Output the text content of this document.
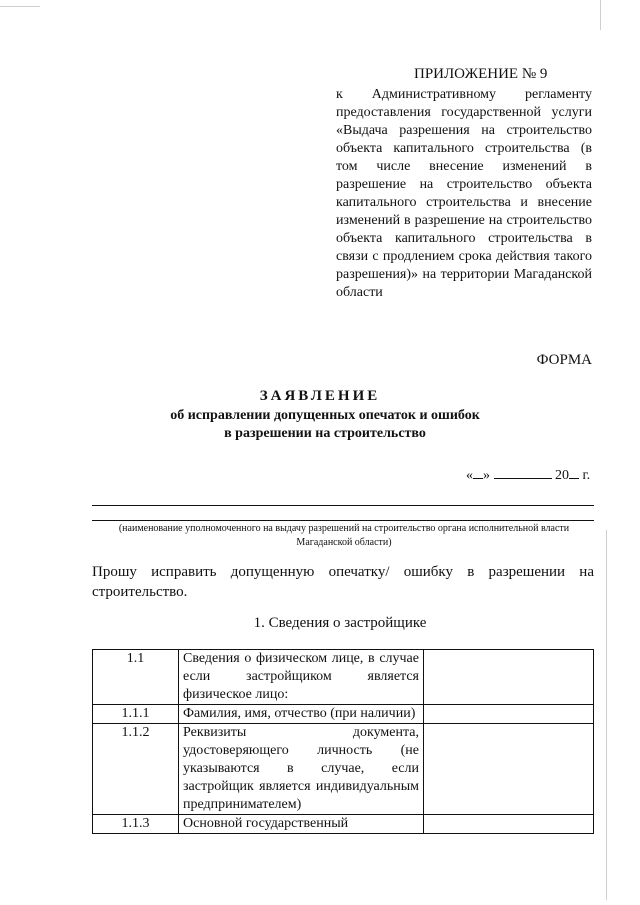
ПРИЛОЖЕНИЕ № 9
к Административному регламенту предоставления государственной услуги «Выдача разрешения на строительство объекта капитального строительства (в том числе внесение изменений в разрешение на строительство объекта капитального строительства и внесение изменений в разрешение на строительство объекта капитального строительства в связи с продлением срока действия такого разрешения)» на территории Магаданской области
ФОРМА
ЗАЯВЛЕНИЕ
об исправлении допущенных опечаток и ошибок
в разрешении на строительство
« »	20 г.
(наименование уполномоченного на выдачу разрешений на строительство органа исполнительной власти Магаданской области)
Прошу исправить допущенную опечатку/ ошибку в разрешении на строительство.
1. Сведения о застройщике
1.1	Сведения о физическом лице, в случае если застройщиком является физическое лицо:	
1.1.1	Фамилия, имя, отчество (при наличии)	
1.1.2	Реквизиты документа, удостоверяющего личность (не указываются в случае, если застройщик является индивидуальным предпринимателем)	
1.1.3	Основной государственный	
